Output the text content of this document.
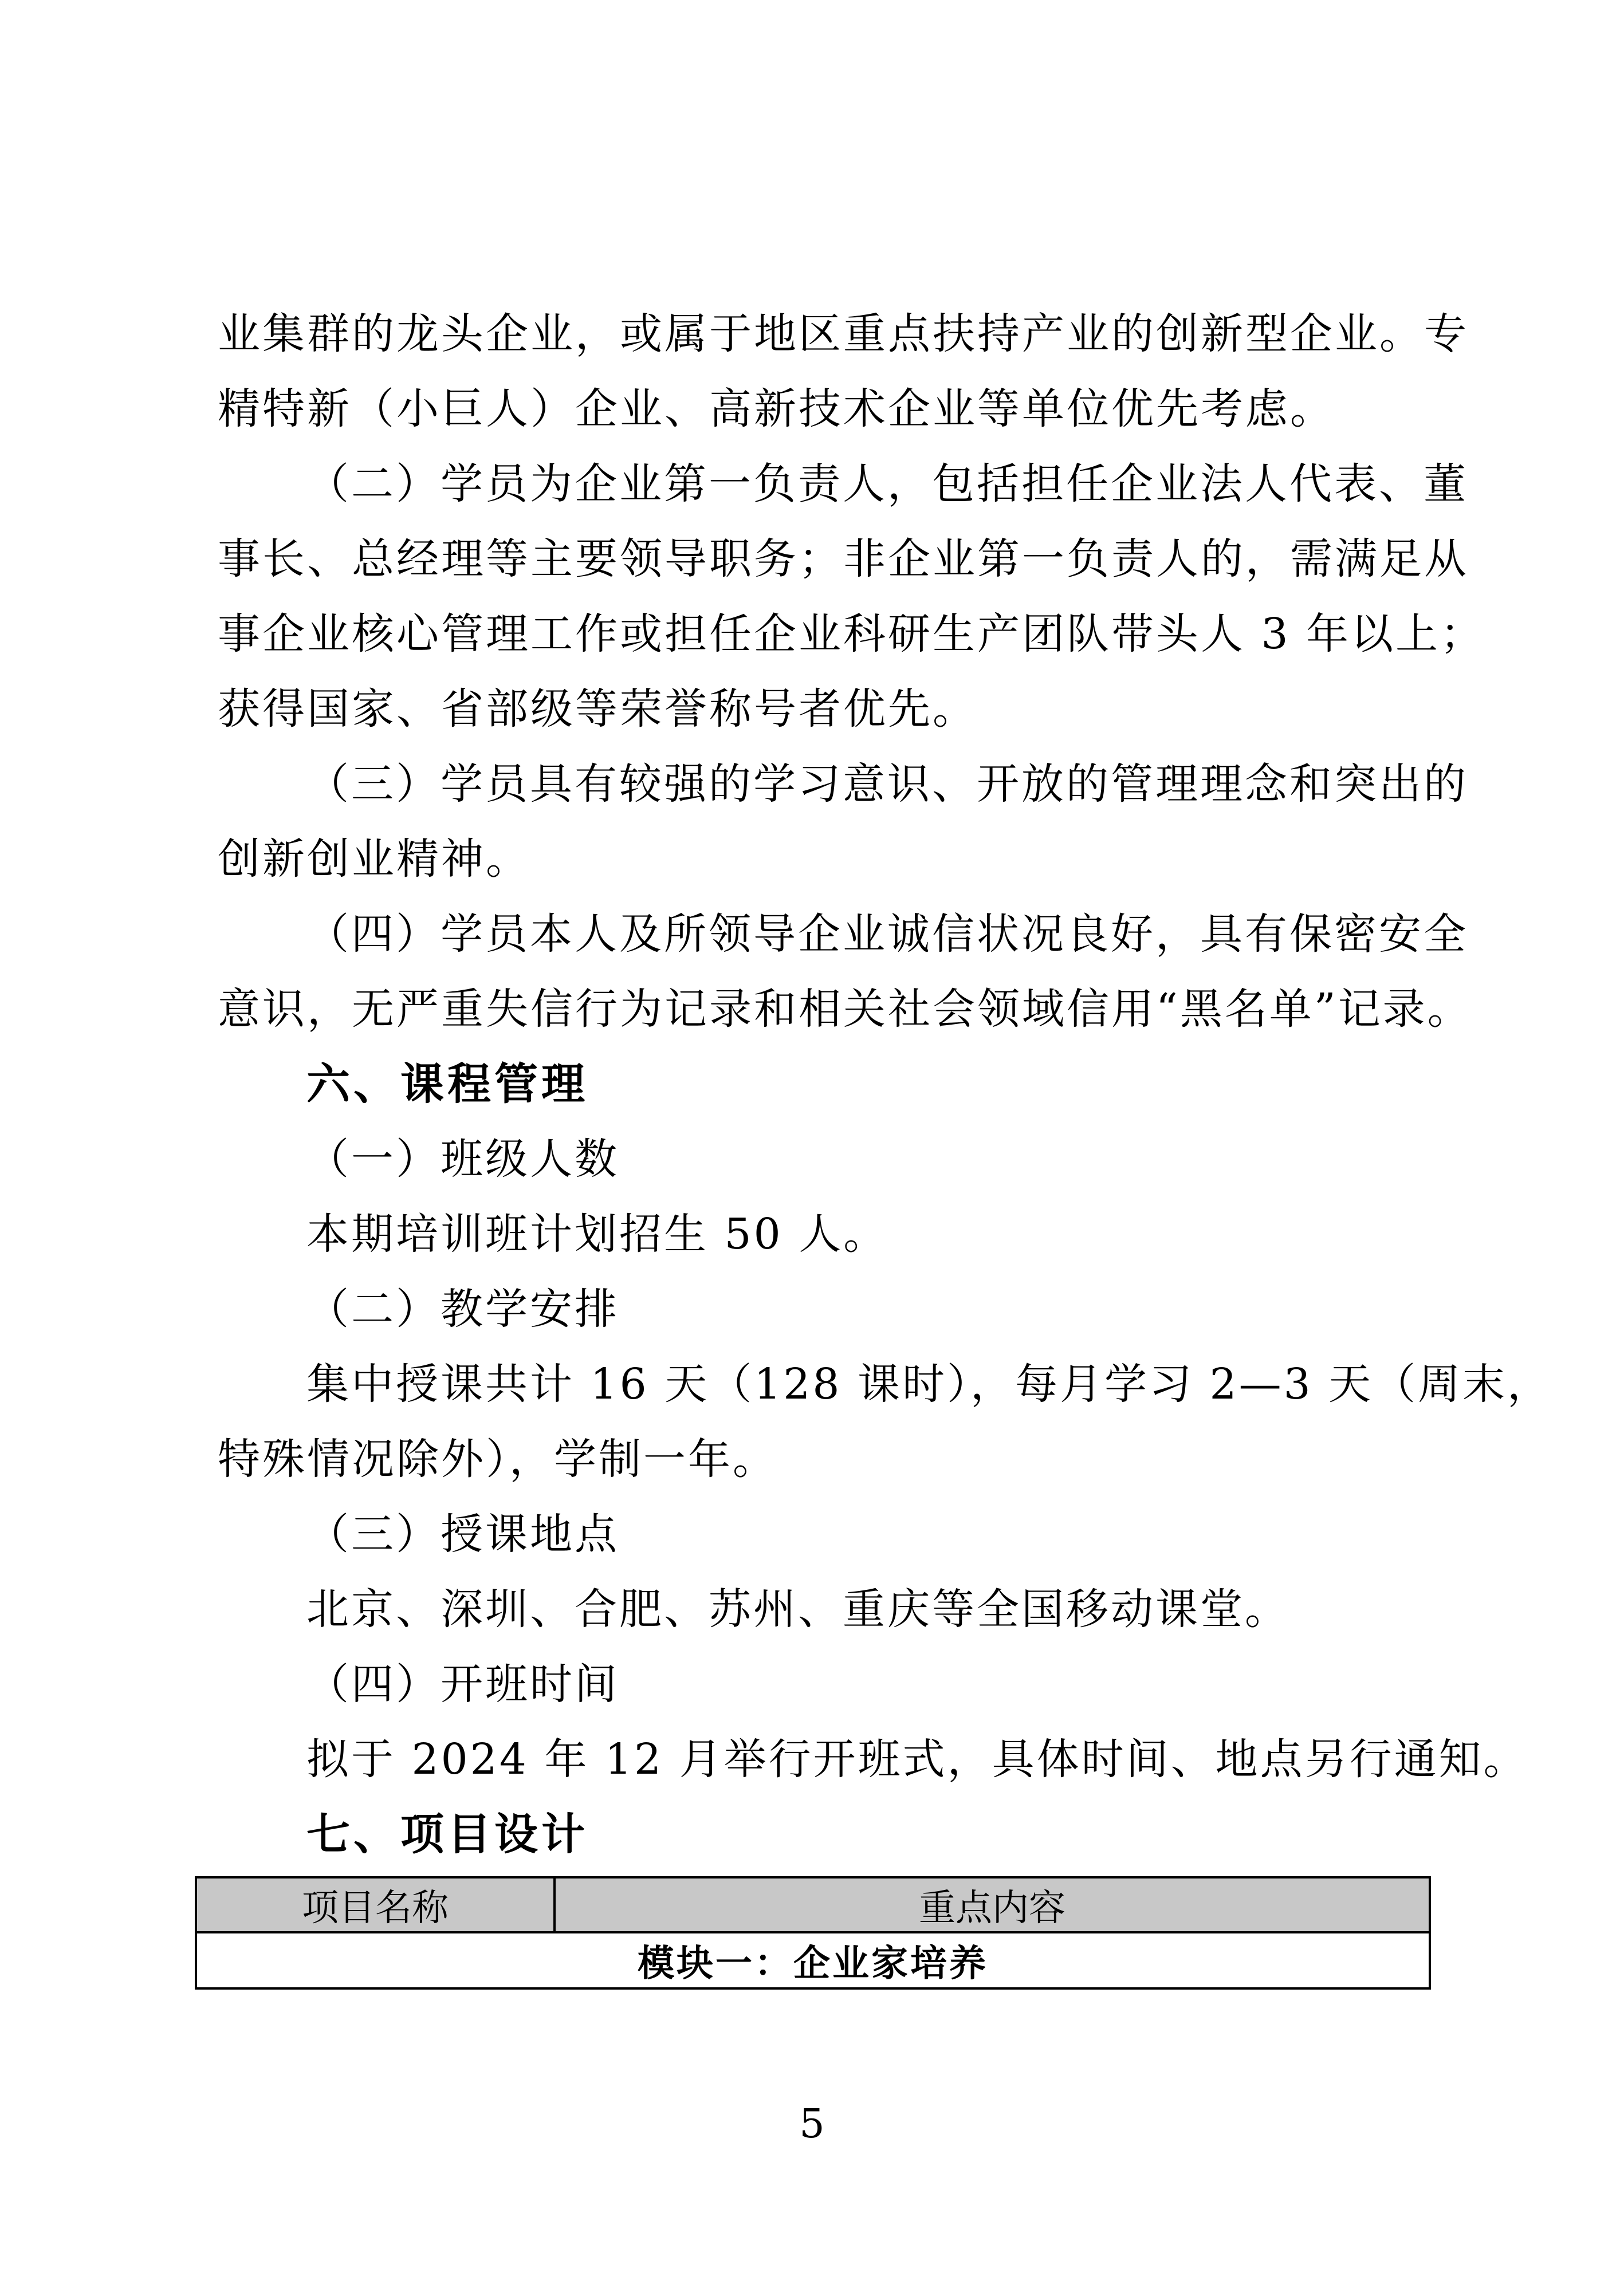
业集群的龙头企业，或属于地区重点扶持产业的创新型企业。专
精特新（小巨人）企业、高新技术企业等单位优先考虑。
（二）学员为企业第一负责人，包括担任企业法人代表、董
事长、总经理等主要领导职务；非企业第一负责人的，需满足从
事企业核心管理工作或担任企业科研生产团队带头人 3 年以上；
获得国家、省部级等荣誉称号者优先。
（三）学员具有较强的学习意识、开放的管理理念和突出的
创新创业精神。
（四）学员本人及所领导企业诚信状况良好，具有保密安全
意识，无严重失信行为记录和相关社会领域信用“黑名单”记录。
六、课程管理
（一）班级人数
本期培训班计划招生 50 人。
（二）教学安排
集中授课共计 16 天（128 课时），每月学习 2—3 天（周末，
特殊情况除外），学制一年。
（三）授课地点
北京、深圳、合肥、苏州、重庆等全国移动课堂。
（四）开班时间
拟于 2024 年 12 月举行开班式，具体时间、地点另行通知。
七、项目设计
项目名称	重点内容
模块一：企业家培养
5
